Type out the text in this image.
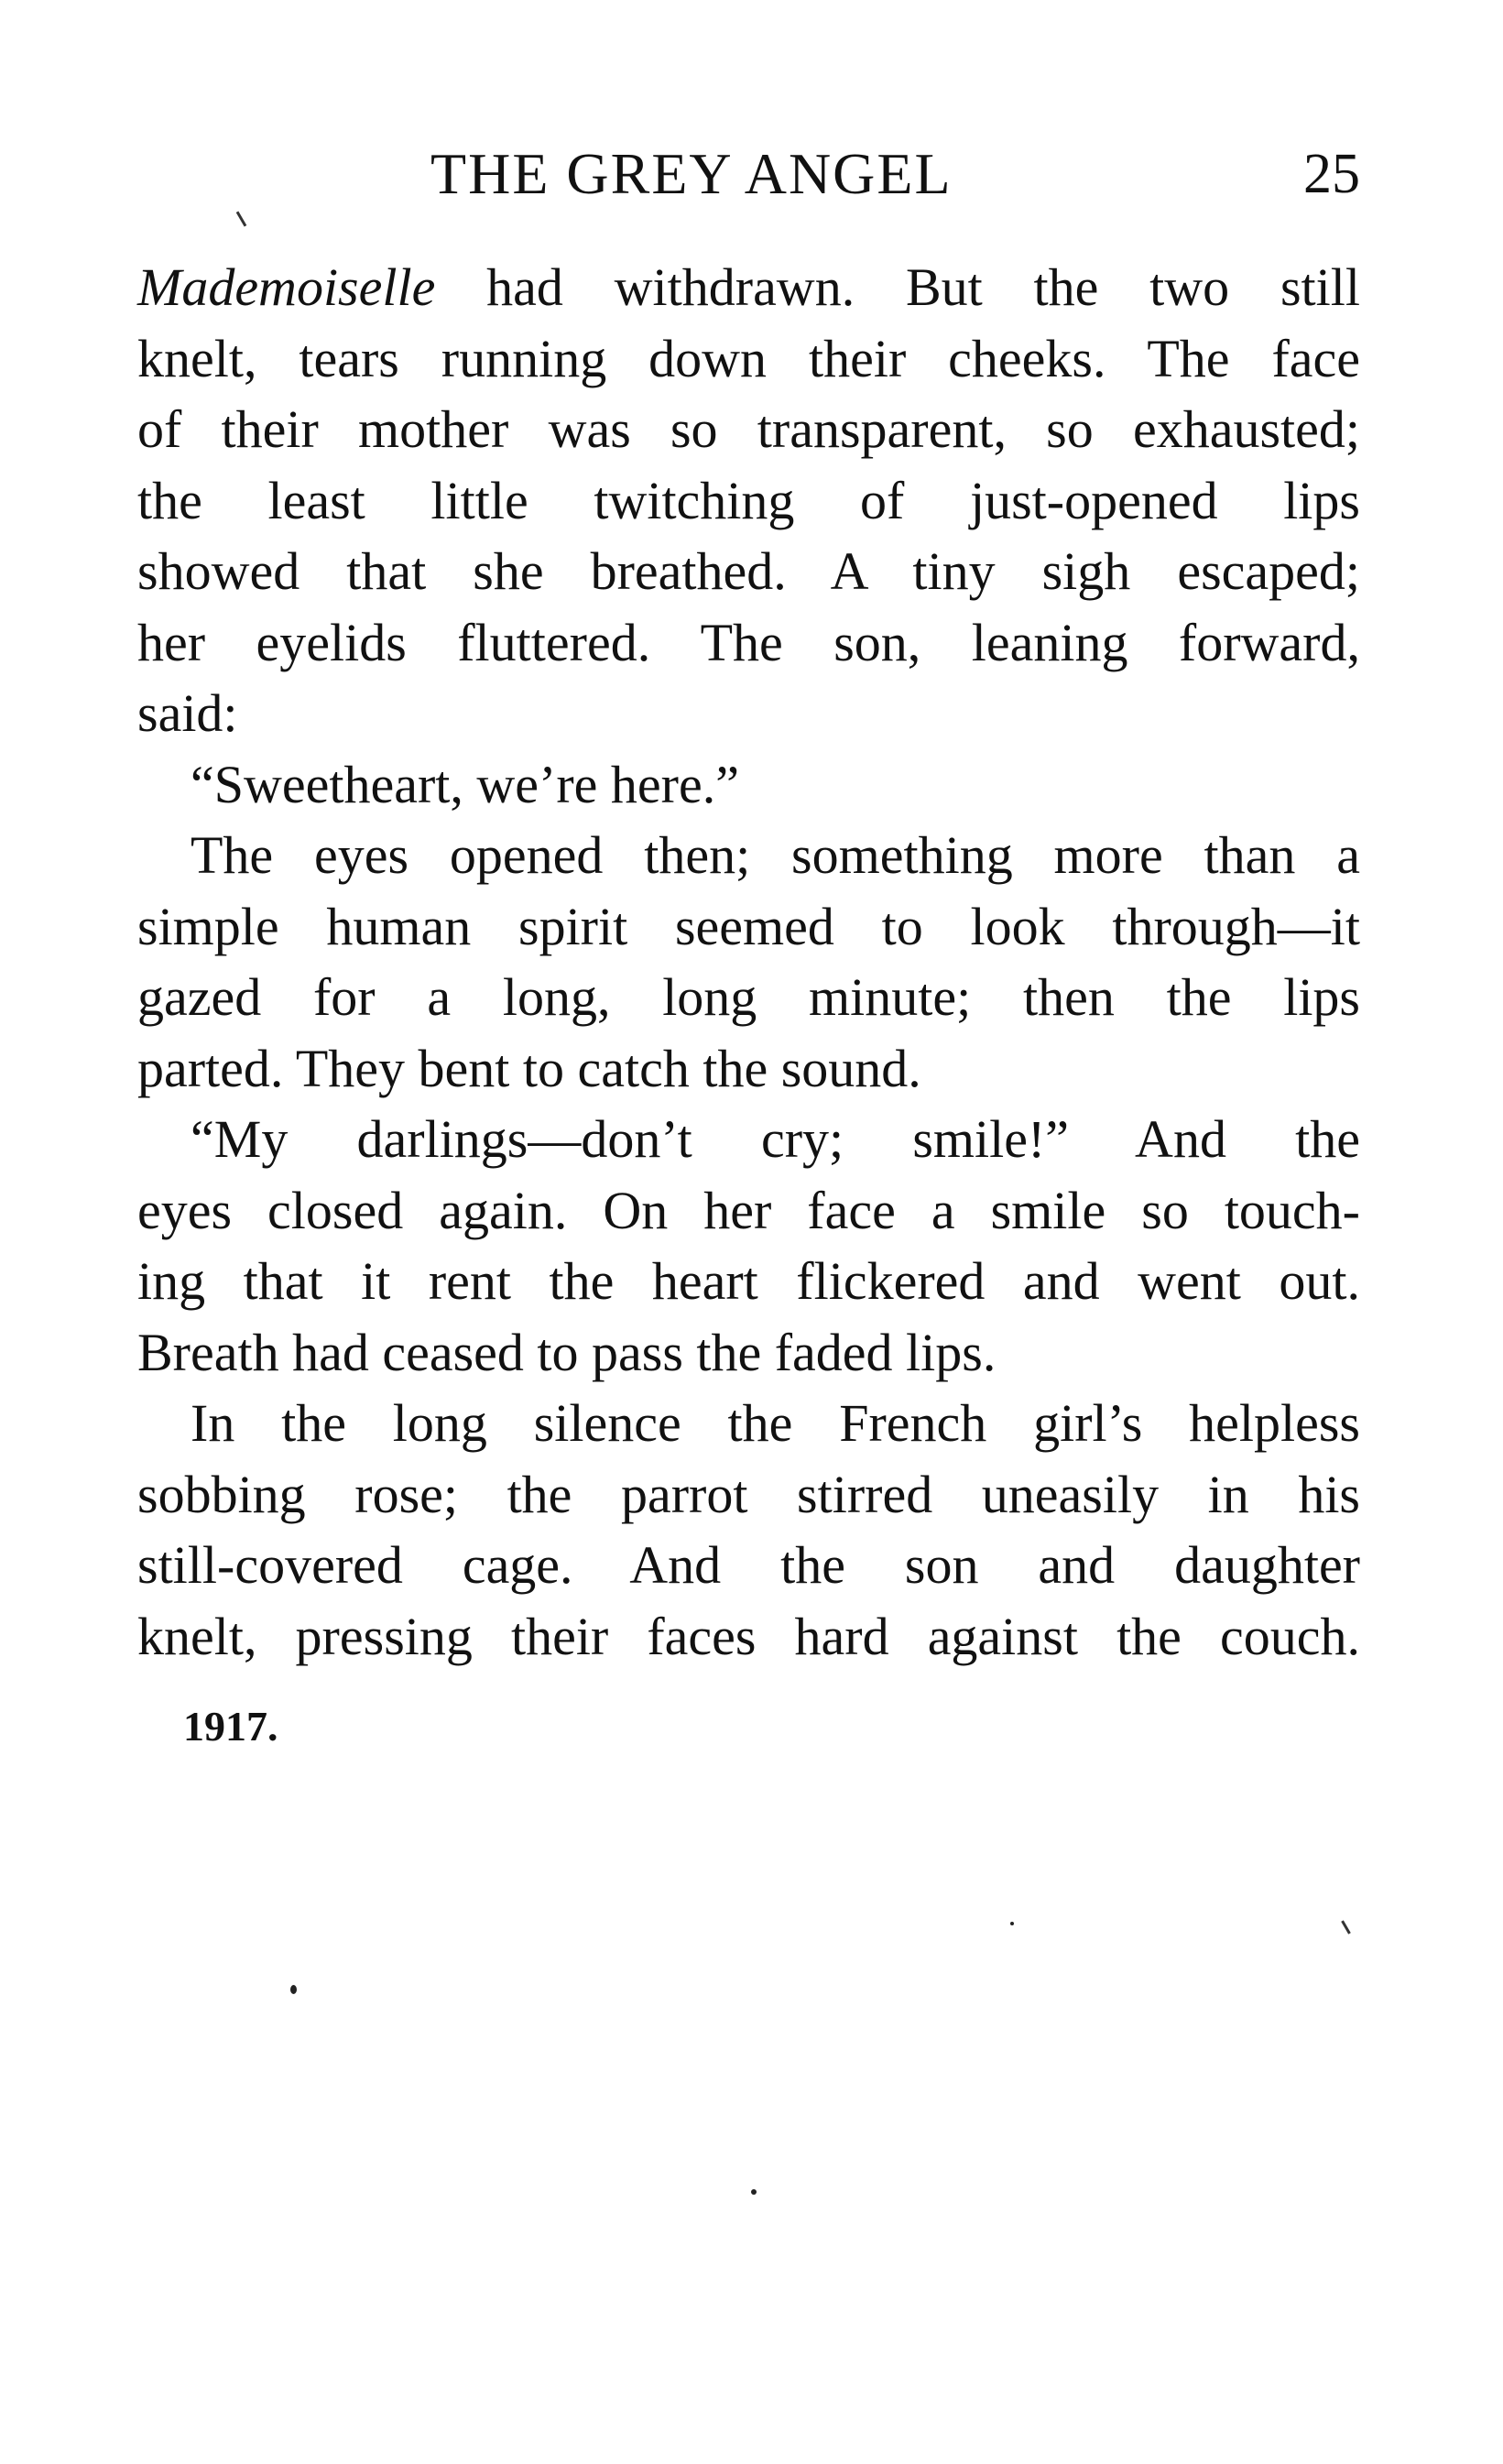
THE GREY ANGEL	25
Mademoiselle had withdrawn. But the two still
knelt, tears running down their cheeks. The face
of their mother was so transparent, so exhausted;
the least little twitching of just-opened lips
showed that she breathed. A tiny sigh escaped;
her eyelids fluttered. The son, leaning forward,
said:
“Sweetheart, we’re here.”
The eyes opened then; something more than a
simple human spirit seemed to look through—it
gazed for a long, long minute; then the lips
parted. They bent to catch the sound.
“My darlings—don’t cry; smile!” And the
eyes closed again. On her face a smile so touch-
ing that it rent the heart flickered and went out.
Breath had ceased to pass the faded lips.
In the long silence the French girl’s helpless
sobbing rose; the parrot stirred uneasily in his
still-covered cage. And the son and daughter
knelt, pressing their faces hard against the couch.
1917.
